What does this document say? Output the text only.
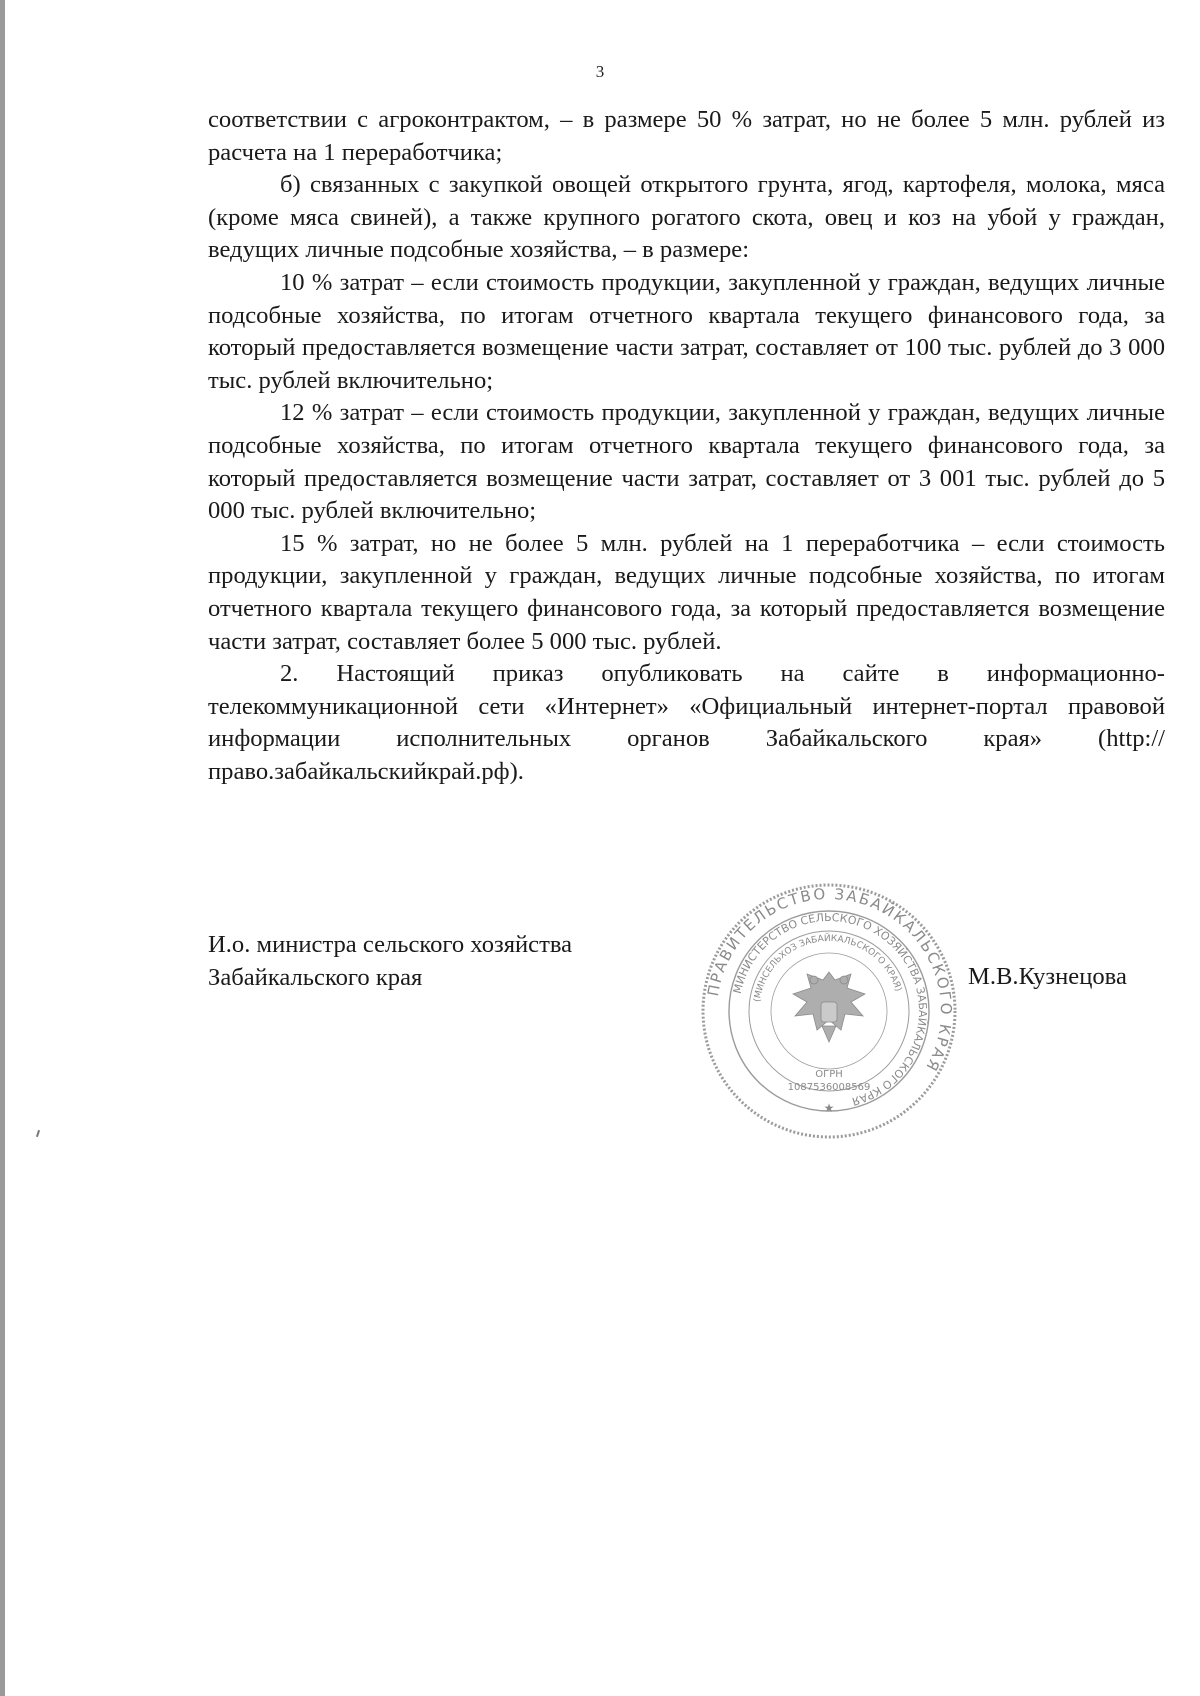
3

соответствии с агроконтрактом, – в размере 50 % затрат, но не более 5 млн. рублей из расчета на 1 переработчика;

б) связанных с закупкой овощей открытого грунта, ягод, картофеля, молока, мяса (кроме мяса свиней), а также крупного рогатого скота, овец и коз на убой у граждан, ведущих личные подсобные хозяйства, – в размере:

10 % затрат – если стоимость продукции, закупленной у граждан, ведущих личные подсобные хозяйства, по итогам отчетного квартала текущего финансового года, за который предоставляется возмещение части затрат, составляет от 100 тыс. рублей до 3 000 тыс. рублей включительно;

12 % затрат – если стоимость продукции, закупленной у граждан, ведущих личные подсобные хозяйства, по итогам отчетного квартала текущего финансового года, за который предоставляется возмещение части затрат, составляет от 3 001 тыс. рублей до 5 000 тыс. рублей включительно;

15 % затрат, но не более 5 млн. рублей на 1 переработчика – если стоимость продукции, закупленной у граждан, ведущих личные подсобные хозяйства, по итогам отчетного квартала текущего финансового года, за который предоставляется возмещение части затрат, составляет более 5 000 тыс. рублей.

2. Настоящий приказ опубликовать на сайте в информационно-телекоммуникационной сети «Интернет» «Официальный интернет-портал правовой информации исполнительных органов Забайкальского края» (http://право.забайкальскийкрай.рф).

И.о. министра сельского хозяйства
Забайкальского края	М.В.Кузнецова
ПРАВИТЕЛЬСТВО ЗАБАЙКАЛЬСКОГО КРАЯ
МИНИСТЕРСТВО СЕЛЬСКОГО ХОЗЯЙСТВА ЗАБАЙКАЛЬСКОГО КРАЯ
(МИНСЕЛЬХОЗ ЗАБАЙКАЛЬСКОГО КРАЯ)
ОГРН
1087536008569
★
